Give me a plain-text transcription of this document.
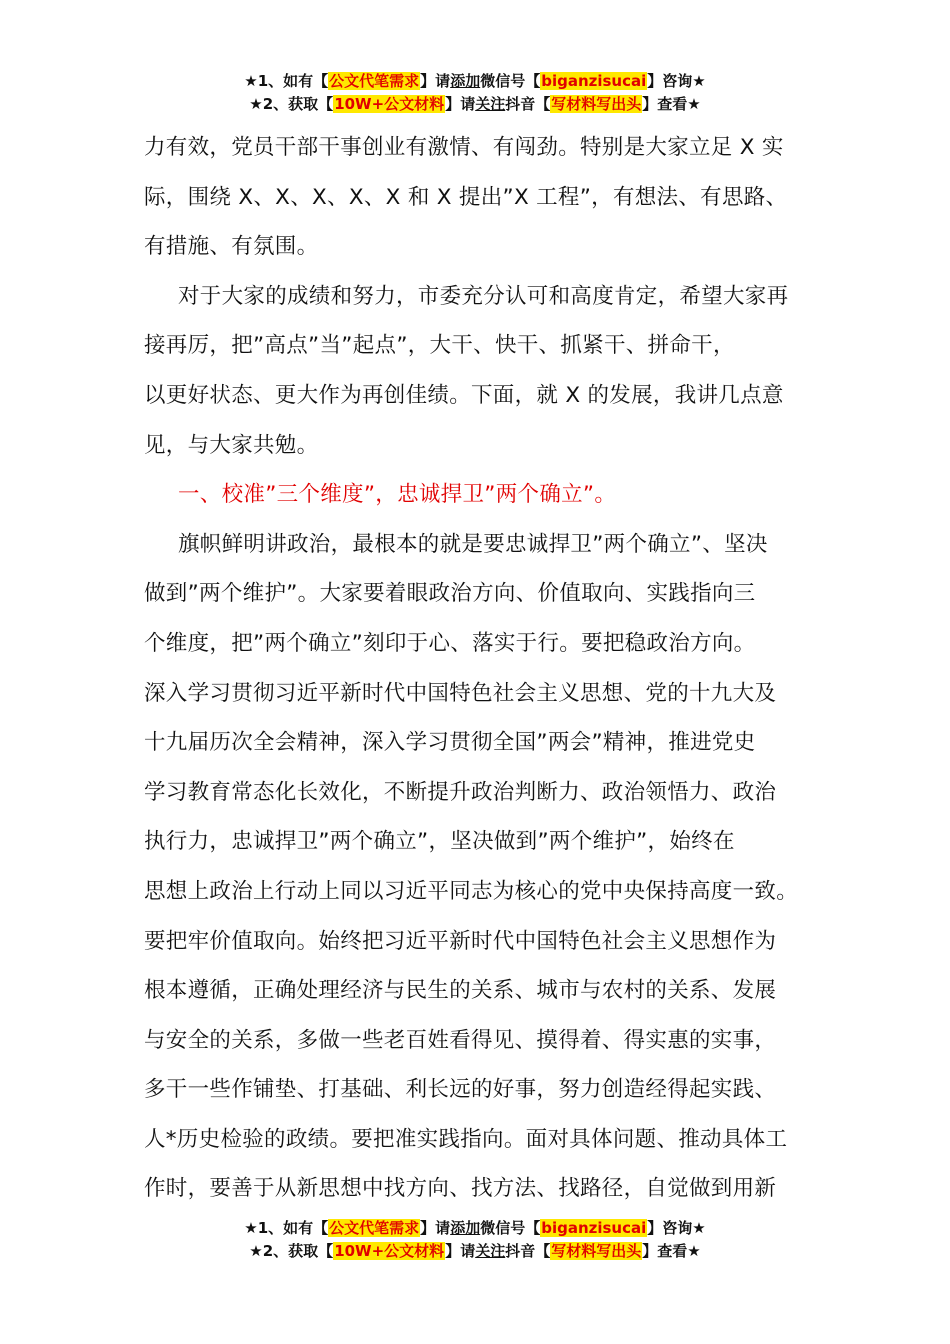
★1、如有【公文代笔需求】请添加微信号【biganzisucai】咨询★
★2、获取【10W+公文材料】请关注抖音【写材料写出头】查看★

力有效，党员干部干事创业有激情、有闯劲。特别是大家立足 X 实
际，围绕 X、X、X、X、X 和 X 提出”X 工程”，有想法、有思路、
有措施、有氛围。

对于大家的成绩和努力，市委充分认可和高度肯定，希望大家再
接再厉，把”高点”当”起点”，大干、快干、抓紧干、拼命干，
以更好状态、更大作为再创佳绩。下面，就 X 的发展，我讲几点意
见，与大家共勉。

一、校准”三个维度”，忠诚捍卫”两个确立”。

旗帜鲜明讲政治，最根本的就是要忠诚捍卫”两个确立”、坚决
做到”两个维护”。大家要着眼政治方向、价值取向、实践指向三
个维度，把”两个确立”刻印于心、落实于行。要把稳政治方向。
深入学习贯彻习近平新时代中国特色社会主义思想、党的十九大及
十九届历次全会精神，深入学习贯彻全国”两会”精神，推进党史
学习教育常态化长效化，不断提升政治判断力、政治领悟力、政治
执行力，忠诚捍卫”两个确立”，坚决做到”两个维护”，始终在
思想上政治上行动上同以习近平同志为核心的党中央保持高度一致。
要把牢价值取向。始终把习近平新时代中国特色社会主义思想作为
根本遵循，正确处理经济与民生的关系、城市与农村的关系、发展
与安全的关系，多做一些老百姓看得见、摸得着、得实惠的实事，
多干一些作铺垫、打基础、利长远的好事，努力创造经得起实践、
人*历史检验的政绩。要把准实践指向。面对具体问题、推动具体工
作时，要善于从新思想中找方向、找方法、找路径，自觉做到用新

★1、如有【公文代笔需求】请添加微信号【biganzisucai】咨询★
★2、获取【10W+公文材料】请关注抖音【写材料写出头】查看★
